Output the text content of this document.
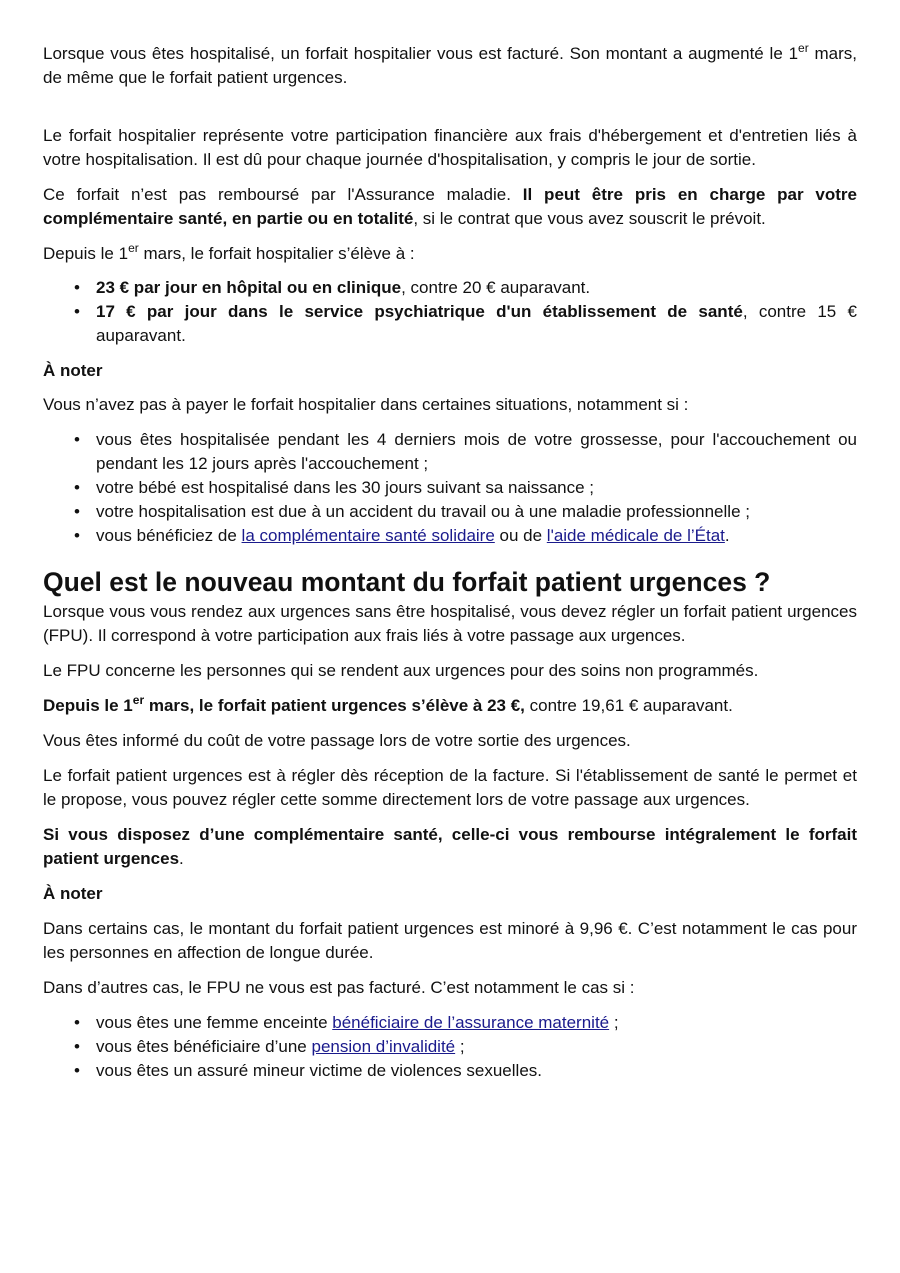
Lorsque vous êtes hospitalisé, un forfait hospitalier vous est facturé. Son montant a augmenté le 1er mars, de même que le forfait patient urgences.

Le forfait hospitalier représente votre participation financière aux frais d'hébergement et d'entretien liés à votre hospitalisation. Il est dû pour chaque journée d'hospitalisation, y compris le jour de sortie.

Ce forfait n’est pas remboursé par l'Assurance maladie. Il peut être pris en charge par votre complémentaire santé, en partie ou en totalité, si le contrat que vous avez souscrit le prévoit.

Depuis le 1er mars, le forfait hospitalier s’élève à :

• 23 € par jour en hôpital ou en clinique, contre 20 € auparavant.
• 17 € par jour dans le service psychiatrique d'un établissement de santé, contre 15 € auparavant.

À noter

Vous n’avez pas à payer le forfait hospitalier dans certaines situations, notamment si :

• vous êtes hospitalisée pendant les 4 derniers mois de votre grossesse, pour l'accouchement ou pendant les 12 jours après l'accouchement ;
• votre bébé est hospitalisé dans les 30 jours suivant sa naissance ;
• votre hospitalisation est due à un accident du travail ou à une maladie professionnelle ;
• vous bénéficiez de la complémentaire santé solidaire ou de l'aide médicale de l’État.
Quel est le nouveau montant du forfait patient urgences ?

Lorsque vous vous rendez aux urgences sans être hospitalisé, vous devez régler un forfait patient urgences (FPU). Il correspond à votre participation aux frais liés à votre passage aux urgences.

Le FPU concerne les personnes qui se rendent aux urgences pour des soins non programmés.

Depuis le 1er mars, le forfait patient urgences s’élève à 23 €, contre 19,61 € auparavant.

Vous êtes informé du coût de votre passage lors de votre sortie des urgences.

Le forfait patient urgences est à régler dès réception de la facture. Si l'établissement de santé le permet et le propose, vous pouvez régler cette somme directement lors de votre passage aux urgences.

Si vous disposez d’une complémentaire santé, celle-ci vous rembourse intégralement le forfait patient urgences.

À noter

Dans certains cas, le montant du forfait patient urgences est minoré à 9,96 €. C’est notamment le cas pour les personnes en affection de longue durée.

Dans d’autres cas, le FPU ne vous est pas facturé. C’est notamment le cas si :

• vous êtes une femme enceinte bénéficiaire de l’assurance maternité ;
• vous êtes bénéficiaire d’une pension d’invalidité ;
• vous êtes un assuré mineur victime de violences sexuelles.
